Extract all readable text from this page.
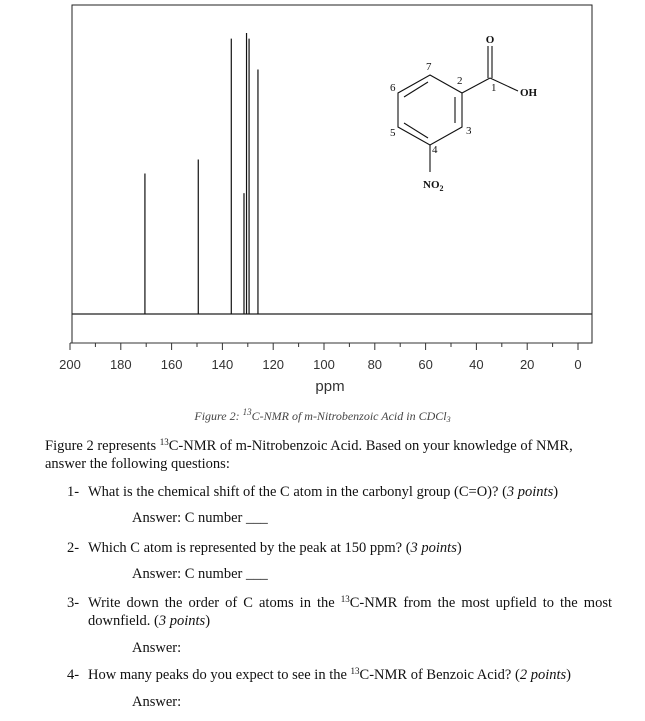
200 180 160 140 120 100	80	60	40	20	0
ppm
O
OH
$NO_2$
1
2
3
4
5
6
7
Figure 2: $^{13}$C-NMR of m-Nitrobenzoic Acid in CDCl$_3$
Figure 2 represents $^{13}$C-NMR of m-Nitrobenzoic Acid. Based on your knowledge of NMR, answer the following questions:
1- What is the chemical shift of the C atom in the carbonyl group (C=O)? (3 points)
Answer: C number ___
2- Which C atom is represented by the peak at 150 ppm? (3 points)
Answer: C number ___
3- Write down the order of C atoms in the $^{13}$C-NMR from the most upfield to the most downfield. (3 points)
Answer:
4- How many peaks do you expect to see in the $^{13}$C-NMR of Benzoic Acid? (2 points)
Answer:
